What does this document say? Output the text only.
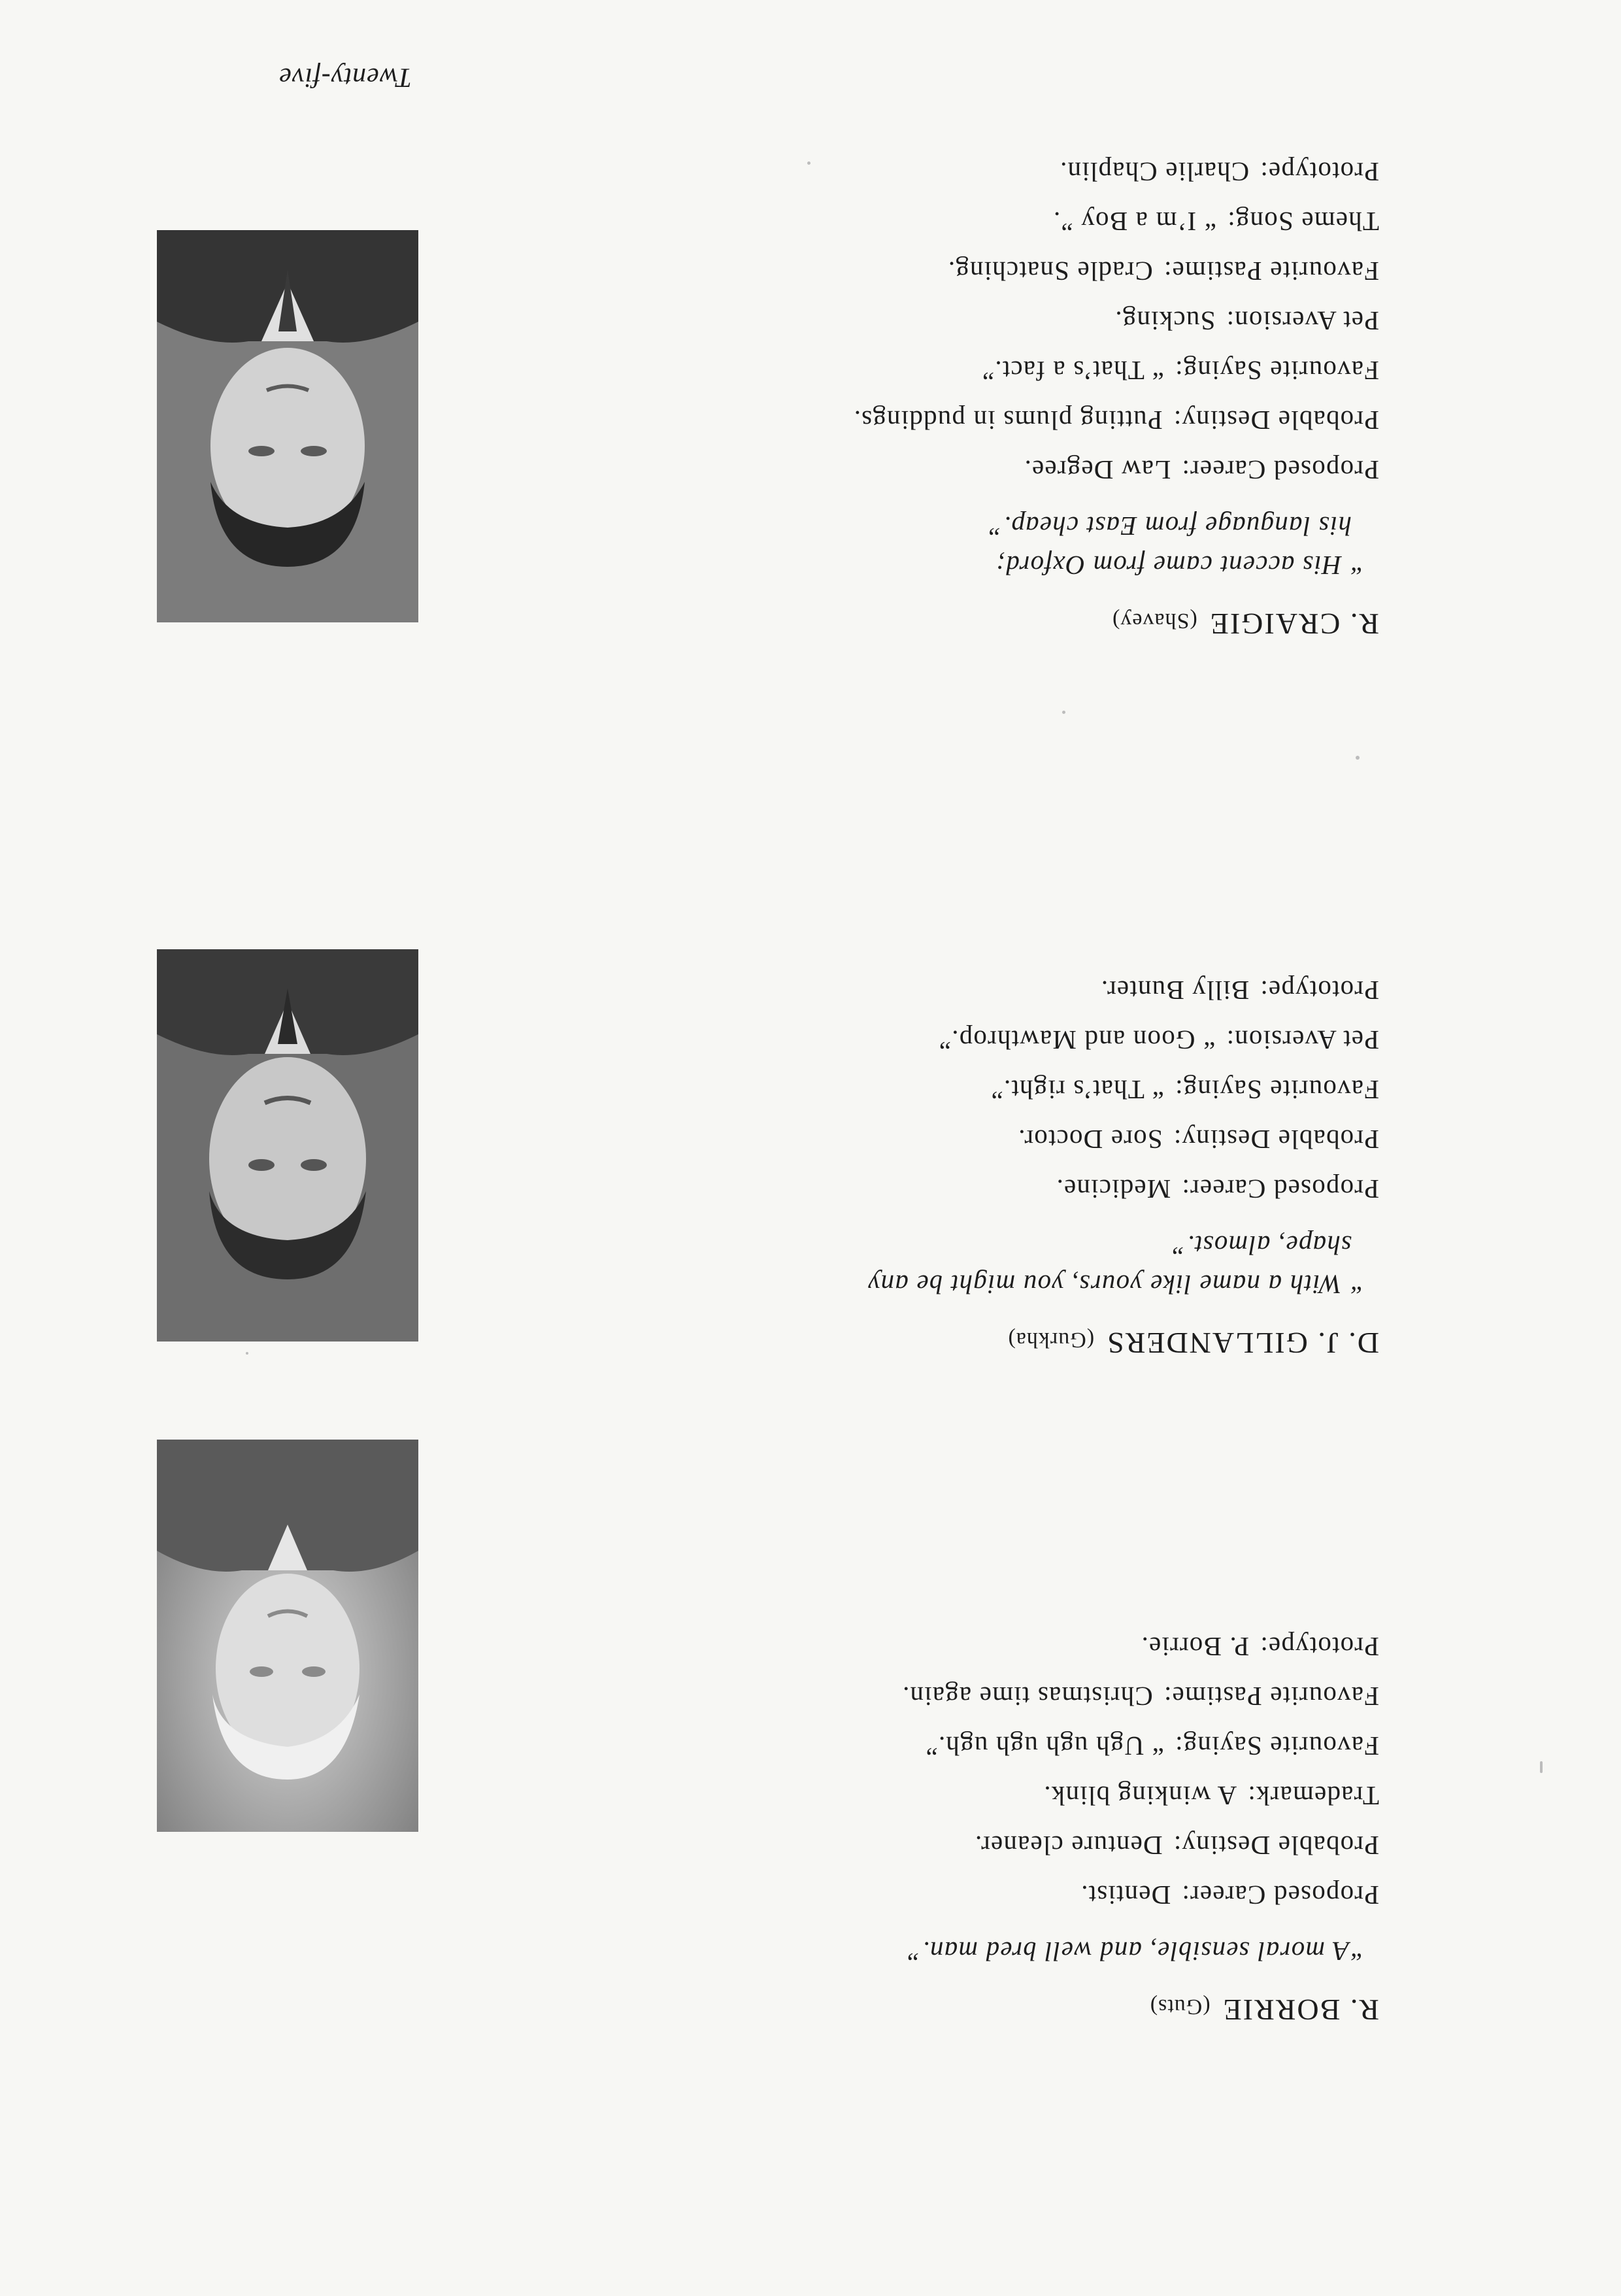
R. BORRIE(Guts)
“A moral sensible, and well bred man.”
Proposed Career:Dentist.
Probable Destiny:Denture cleaner.
Trademark:A winking blink.
Favourite Saying:“ Ugh ugh ugh ugh.”
Favourite Pastime:Christmas time again.
Prototype:P. Borrie.
D. J. GILLANDERS(Gurkha)
“ With a name like yours, you might be any
shape, almost.”
Proposed Career:Medicine.
Probable Destiny:Sore Doctor.
Favourite Saying:“ That’s right.”
Pet Aversion:“ Goon and Mawthrop.”
Prototype:Billy Bunter.
R. CRAIGIE(Shavey)
“ His accent came from Oxford;
his language from East cheap.”
Proposed Career:Law Degree.
Probable Destiny:Putting plums in puddings.
Favourite Saying:“ That’s a fact.”
Pet Aversion:Sucking.
Favourite Pastime:Cradle Snatching.
Theme Song:“ I’m a Boy ”.
Prototype:Charlie Chaplin.
Twenty-five
